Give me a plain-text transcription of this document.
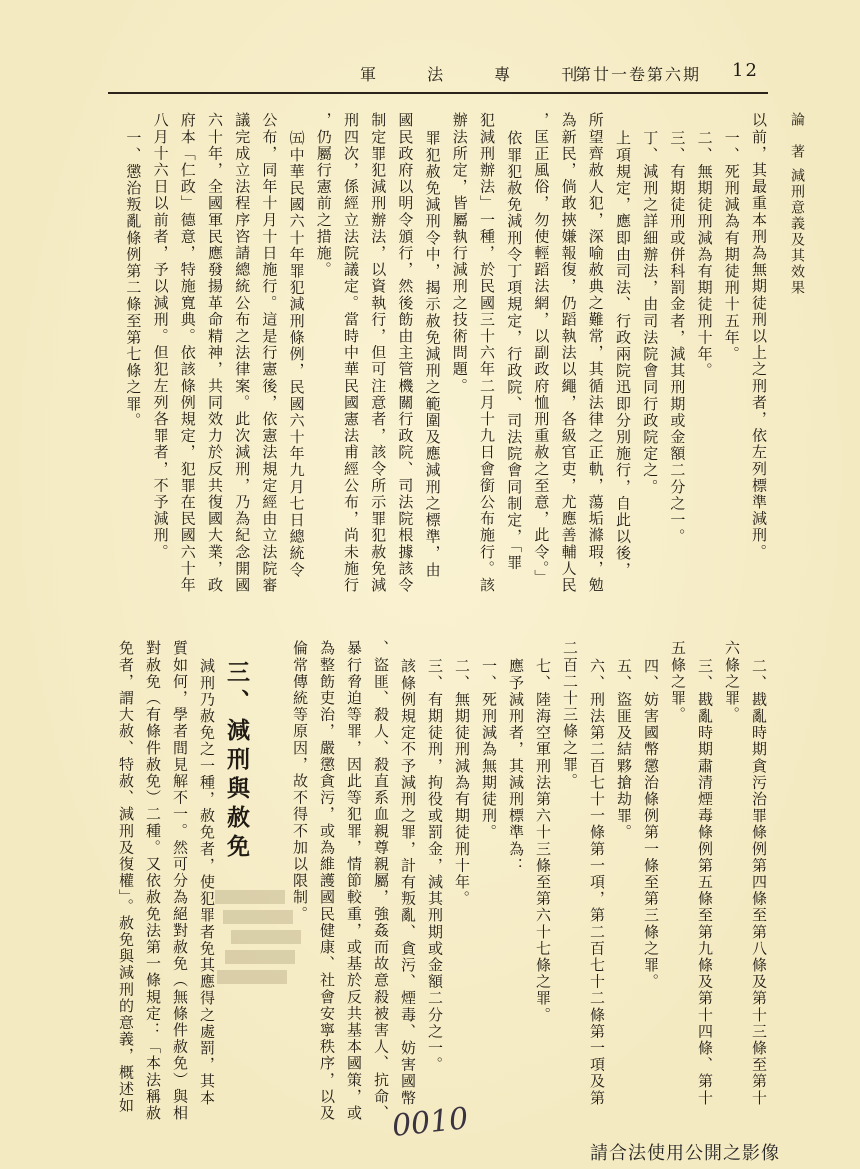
軍 法 專 刊
第廿一卷第六期 12
論　著
減刑意義及其效果
以前，其最重本刑為無期徒刑以上之刑者，依左列標準減刑。
一、死刑減為有期徒刑十五年。
二、無期徒刑減為有期徒刑十年。
三、有期徒刑或併科罰金者，減其刑期或金額二分之一。
丁、減刑之詳細辦法，由司法院會同行政院定之。
上項規定，應即由司法、行政兩院迅即分別施行，自此以後，
所望齊赦人犯，深喻赦典之難常，其循法律之正軌，蕩垢滌瑕，勉
為新民，倘敢挾嫌報復，仍蹈執法以繩，各級官吏，尤應善輔人民
，匡正風俗，勿使輕蹈法網，以副政府恤刑重赦之至意，此令。」
依罪犯赦免減刑令丁項規定，行政院、司法院會同制定，「罪
犯減刑辦法」一種，於民國三十六年二月十九日會銜公布施行。該
辦法所定，皆屬執行減刑之技術問題。
罪犯赦免減刑令中，揭示赦免減刑之範圍及應減刑之標準，由
國民政府以明令頒行，然後飭由主管機關行政院、司法院根據該令
制定罪犯減刑辦法，以資執行，但可注意者，該令所示罪犯赦免減
刑四次，係經立法院議定。當時中華民國憲法甫經公布，尚未施行
，仍屬行憲前之措施。
㈤中華民國六十年罪犯減刑條例，民國六十年九月七日總統令
公布，同年十月十日施行。這是行憲後，依憲法規定經由立法院審
議完成立法程序咨請總統公布之法律案。此次減刑，乃為紀念開國
六十年，全國軍民應發揚革命精神，共同效力於反共復國大業，政
府本「仁政」德意，特施寬典。依該條例規定，犯罪在民國六十年
八月十六日以前者，予以減刑。但犯左列各罪者，不予減刑。
一、懲治叛亂條例第二條至第七條之罪。
二、戡亂時期貪污治罪條例第四條至第八條及第十三條至第十
六條之罪。
三、戡亂時期肅清煙毒條例第五條至第九條及第十四條、第十
五條之罪。
四、妨害國幣懲治條例第一條至第三條之罪。
五、盜匪及結夥搶劫罪。
六、刑法第二百七十一條第一項，第二百七十二條第一項及第
二百二十三條之罪。
七、陸海空軍刑法第六十三條至第六十七條之罪。
應予減刑者，其減刑標準為：
一、死刑減為無期徒刑。
二、無期徒刑減為有期徒刑十年。
三、有期徒刑，拘役或罰金，減其刑期或金額二分之一。
該條例規定不予減刑之罪，計有叛亂、貪污、煙毒、妨害國幣
、盜匪、殺人、殺直系血親尊親屬，強姦而故意殺被害人、抗命、
暴行脅迫等罪，因此等犯罪，情節較重，或基於反共基本國策，或
為整飭吏治，嚴懲貪污，或為維護國民健康、社會安寧秩序，以及
倫常傳統等原因，故不得不加以限制。
三、減刑與赦免
減刑乃赦免之一種，赦免者，使犯罪者免其應得之處罰，其本
質如何，學者間見解不一。然可分為絕對赦免（無條件赦免）與相
對赦免（有條件赦免）二種。又依赦免法第一條規定：「本法稱赦
免者，謂大赦、特赦、減刑及復權」。赦免與減刑的意義，概述如
0010
請合法使用公開之影像
